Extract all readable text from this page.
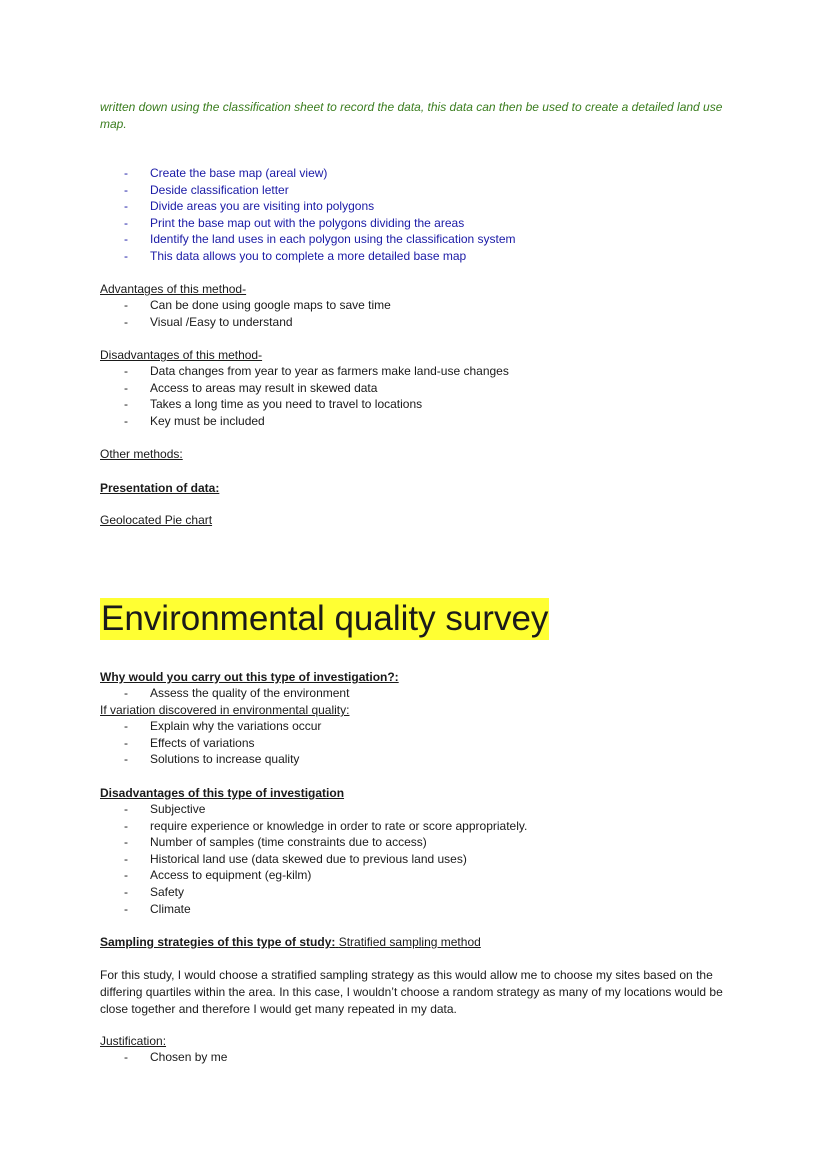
written down using the classification sheet to record the data, this data can then be used to create a detailed land use map.
- Create the base map (areal view)
- Deside classification letter
- Divide areas you are visiting into polygons
- Print the base map out with the polygons dividing the areas
- Identify the land uses in each polygon using the classification system
- This data allows you to complete a more detailed base map
Advantages of this method-
- Can be done using google maps to save time
- Visual /Easy to understand
Disadvantages of this method-
- Data changes from year to year as farmers make land-use changes
- Access to areas may result in skewed data
- Takes a long time as you need to travel to locations
- Key must be included
Other methods:
Presentation of data:
Geolocated Pie chart
Environmental quality survey
Why would you carry out this type of investigation?:
- Assess the quality of the environment
If variation discovered in environmental quality:
- Explain why the variations occur
- Effects of variations
- Solutions to increase quality
Disadvantages of this type of investigation
- Subjective
- require experience or knowledge in order to rate or score appropriately.
- Number of samples (time constraints due to access)
- Historical land use (data skewed due to previous land uses)
- Access to equipment (eg-kilm)
- Safety
- Climate
Sampling strategies of this type of study: Stratified sampling method
For this study, I would choose a stratified sampling strategy as this would allow me to choose my sites based on the differing quartiles within the area. In this case, I wouldn’t choose a random strategy as many of my locations would be close together and therefore I would get many repeated in my data.
Justification:
- Chosen by me
